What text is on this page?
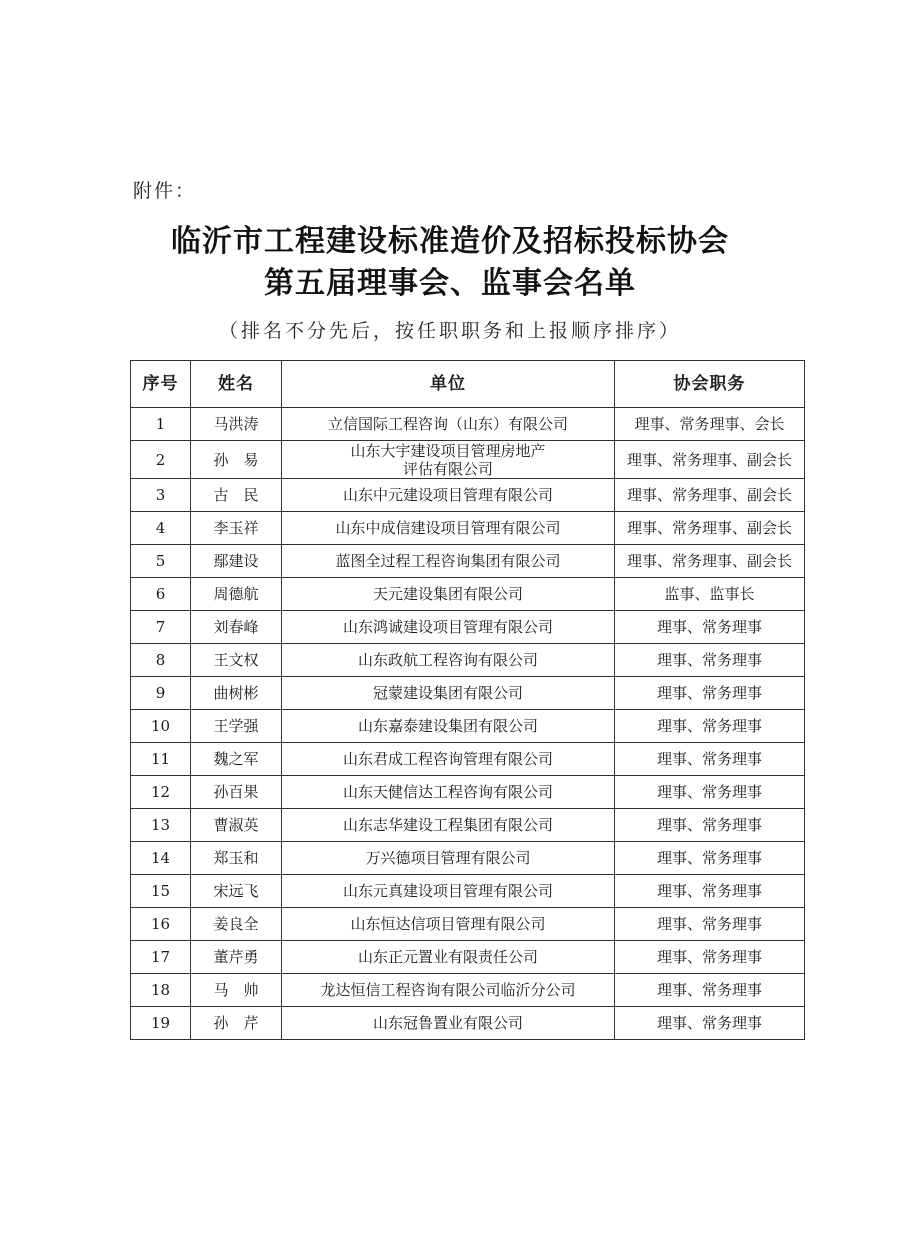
附件：
临沂市工程建设标准造价及招标投标协会
第五届理事会、监事会名单
（排名不分先后，按任职职务和上报顺序排序）
序号	姓名	单位	协会职务
1	马洪涛	立信国际工程咨询（山东）有限公司	理事、常务理事、会长
2	孙　易	山东大宇建设项目管理房地产
评估有限公司	理事、常务理事、副会长
3	古　民	山东中元建设项目管理有限公司	理事、常务理事、副会长
4	李玉祥	山东中成信建设项目管理有限公司	理事、常务理事、副会长
5	鄢建设	蓝图全过程工程咨询集团有限公司	理事、常务理事、副会长
6	周德航	天元建设集团有限公司	监事、监事长
7	刘春峰	山东鸿诚建设项目管理有限公司	理事、常务理事
8	王文权	山东政航工程咨询有限公司	理事、常务理事
9	曲树彬	冠蒙建设集团有限公司	理事、常务理事
10	王学强	山东嘉泰建设集团有限公司	理事、常务理事
11	魏之军	山东君成工程咨询管理有限公司	理事、常务理事
12	孙百果	山东天健信达工程咨询有限公司	理事、常务理事
13	曹淑英	山东志华建设工程集团有限公司	理事、常务理事
14	郑玉和	万兴德项目管理有限公司	理事、常务理事
15	宋远飞	山东元真建设项目管理有限公司	理事、常务理事
16	姜良全	山东恒达信项目管理有限公司	理事、常务理事
17	董芹勇	山东正元置业有限责任公司	理事、常务理事
18	马　帅	龙达恒信工程咨询有限公司临沂分公司	理事、常务理事
19	孙　芹	山东冠鲁置业有限公司	理事、常务理事
